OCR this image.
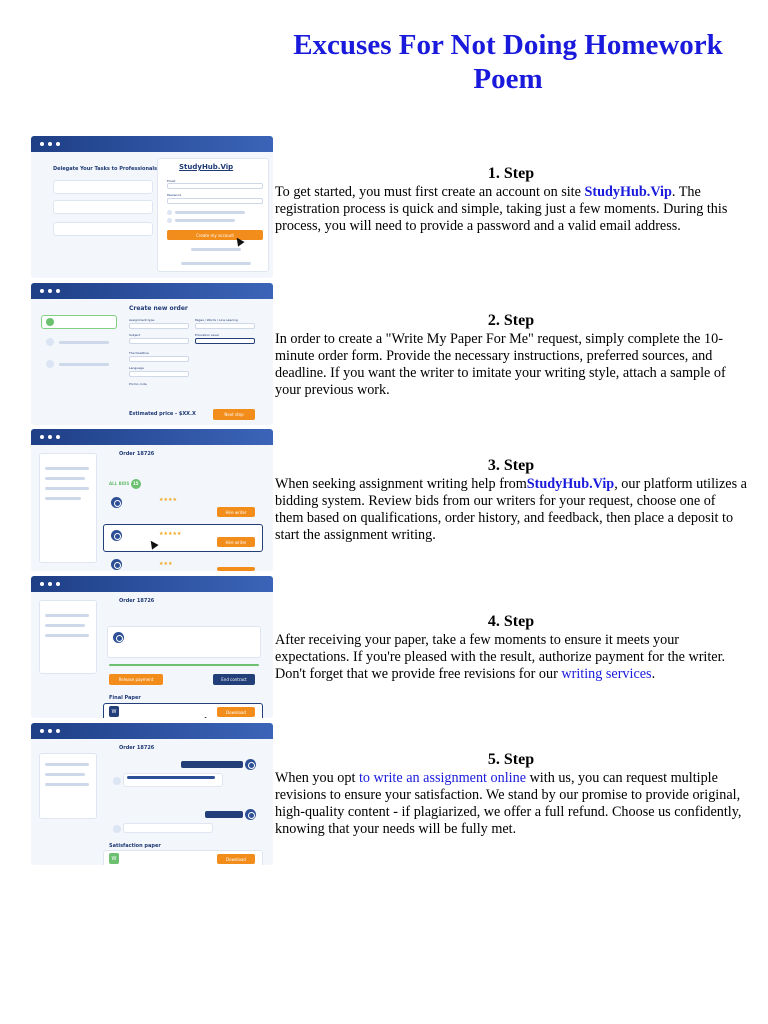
Excuses For Not Doing Homework Poem
Delegate Your Tasks to Professionals	StudyHub.Vip
Email
Password
Create my account
1. Step
To get started, you must first create an account on site StudyHub.Vip. The registration process is quick and simple, taking just a few moments. During this process, you will need to provide a password and a valid email address.
Create new order
Assignment type	Pages / Words / Line spacing
Subject	Education Level
The Deadline
Language
Promo code
Estimated price - $XX.X	Next step
2. Step
In order to create a "Write My Paper For Me" request, simply complete the 10-minute order form. Provide the necessary instructions, preferred sources, and deadline. If you want the writer to imitate your writing style, attach a sample of your previous work.
Order 18726
ALL BIDS 15
★★★★
Hire writer
★★★★★
Hire writer
★★★
3. Step
When seeking assignment writing help fromStudyHub.Vip, our platform utilizes a bidding system. Review bids from our writers for your request, choose one of them based on qualifications, order history, and feedback, then place a deposit to start the assignment writing.
Order 18726
Release payment	End contract
Final Paper
W	Download
4. Step
After receiving your paper, take a few moments to ensure it meets your expectations. If you're pleased with the result, authorize payment for the writer. Don't forget that we provide free revisions for our writing services.
Order 18726
Satisfaction paper
W	Download
5. Step
When you opt to write an assignment online with us, you can request multiple revisions to ensure your satisfaction. We stand by our promise to provide original, high-quality content - if plagiarized, we offer a full refund. Choose us confidently, knowing that your needs will be fully met.
